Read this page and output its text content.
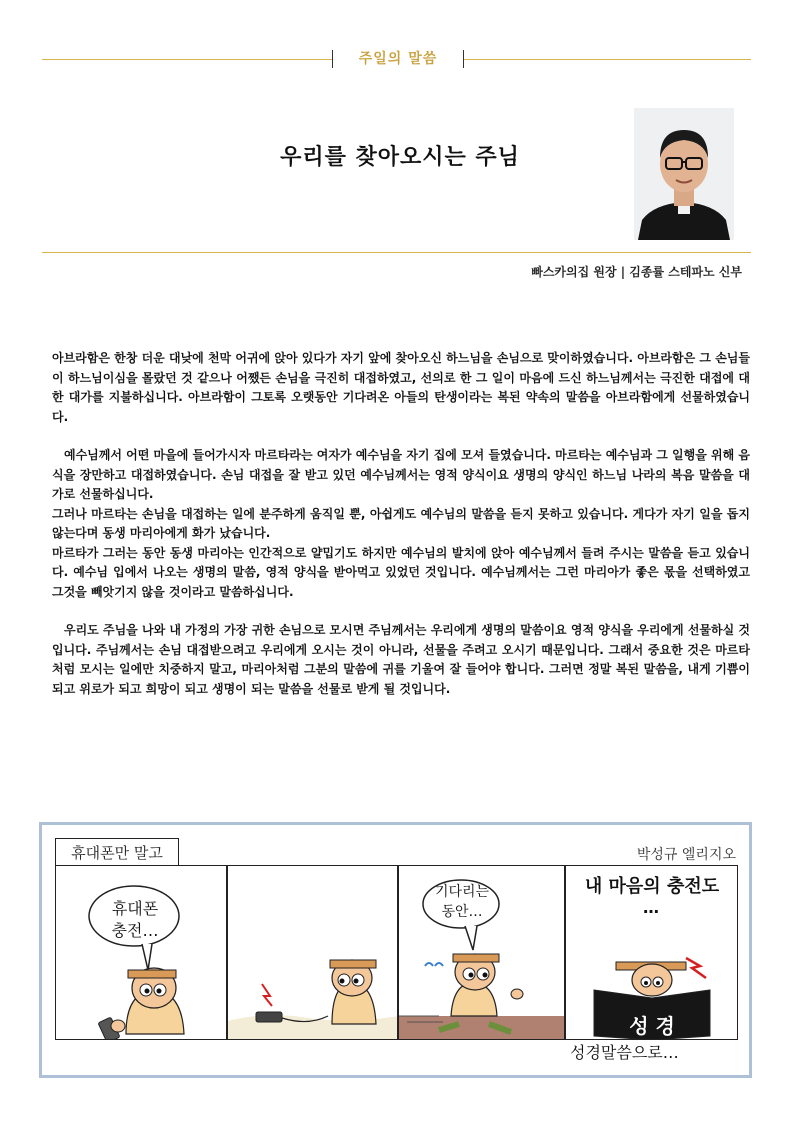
주일의 말씀
우리를 찾아오시는 주님
빠스카의집 원장 | 김종률 스테파노 신부

아브라함은 한창 더운 대낮에 천막 어귀에 앉아 있다가 자기 앞에 찾아오신 하느님을 손님으로 맞이하였습니다. 아브라함은 그 손님들이 하느님이심을 몰랐던 것 같으나 어쨌든 손님을 극진히 대접하였고, 선의로 한 그 일이 마음에 드신 하느님께서는 극진한 대접에 대한 대가를 지불하십니다. 아브라함이 그토록 오랫동안 기다려온 아들의 탄생이라는 복된 약속의 말씀을 아브라함에게 선물하였습니다.

예수님께서 어떤 마을에 들어가시자 마르타라는 여자가 예수님을 자기 집에 모셔 들였습니다. 마르타는 예수님과 그 일행을 위해 음식을 장만하고 대접하였습니다. 손님 대접을 잘 받고 있던 예수님께서는 영적 양식이요 생명의 양식인 하느님 나라의 복음 말씀을 대가로 선물하십니다.

그러나 마르타는 손님을 대접하는 일에 분주하게 움직일 뿐, 아쉽게도 예수님의 말씀을 듣지 못하고 있습니다. 게다가 자기 일을 돕지 않는다며 동생 마리아에게 화가 났습니다.

마르타가 그러는 동안 동생 마리아는 인간적으로 얄밉기도 하지만 예수님의 발치에 앉아 예수님께서 들려 주시는 말씀을 듣고 있습니다. 예수님 입에서 나오는 생명의 말씀, 영적 양식을 받아먹고 있었던 것입니다. 예수님께서는 그런 마리아가 좋은 몫을 선택하였고 그것을 빼앗기지 않을 것이라고 말씀하십니다.

우리도 주님을 나와 내 가정의 가장 귀한 손님으로 모시면 주님께서는 우리에게 생명의 말씀이요 영적 양식을 우리에게 선물하실 것입니다. 주님께서는 손님 대접받으려고 우리에게 오시는 것이 아니라, 선물을 주려고 오시기 때문입니다. 그래서 중요한 것은 마르타처럼 모시는 일에만 치중하지 말고, 마리아처럼 그분의 말씀에 귀를 기울여 잘 들어야 합니다. 그러면 정말 복된 말씀을, 내게 기쁨이 되고 위로가 되고 희망이 되고 생명이 되는 말씀을 선물로 받게 될 것입니다.

휴대폰만 말고	박성규 엘리지오
휴대폰
충전…
기다리는
동안…
내 마음의 충전도
…
성 경
성경말씀으로…
